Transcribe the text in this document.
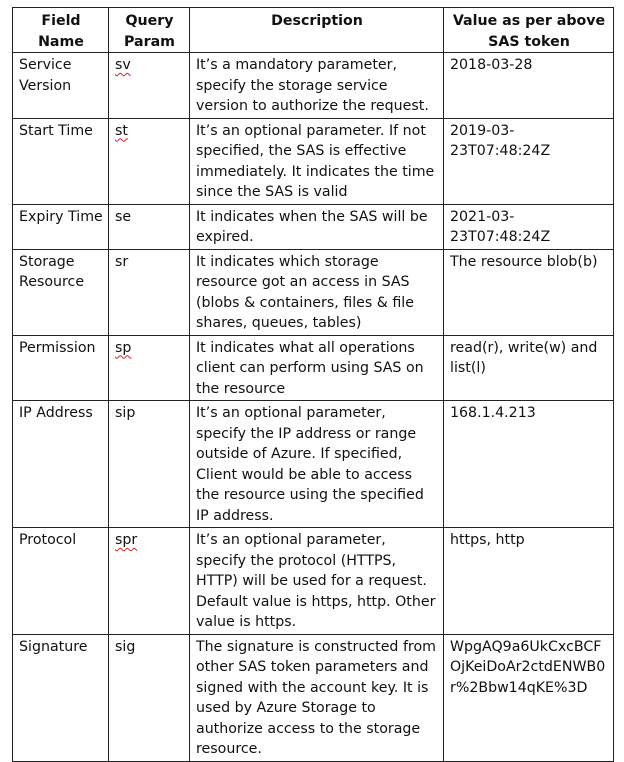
Field Name	Query Param	Description	Value as per above SAS token
Service Version	sv	It’s a mandatory parameter, specify the storage service version to authorize the request.	2018-03-28
Start Time	st	It’s an optional parameter. If not specified, the SAS is effective immediately. It indicates the time since the SAS is valid	2019-03-23T07:48:24Z
Expiry Time	se	It indicates when the SAS will be expired.	2021-03-23T07:48:24Z
Storage Resource	sr	It indicates which storage resource got an access in SAS (blobs & containers, files & file shares, queues, tables)	The resource blob(b)
Permission	sp	It indicates what all operations client can perform using SAS on the resource	read(r), write(w) and list(l)
IP Address	sip	It’s an optional parameter, specify the IP address or range outside of Azure. If specified, Client would be able to access the resource using the specified IP address.	168.1.4.213
Protocol	spr	It’s an optional parameter, specify the protocol (HTTPS, HTTP) will be used for a request. Default value is https, http. Other value is https.	https, http
Signature	sig	The signature is constructed from other SAS token parameters and signed with the account key. It is used by Azure Storage to authorize access to the storage resource.	WpgAQ9a6UkCxcBCFOjKeiDoAr2ctdENWB0r%2Bbw14qKE%3D
